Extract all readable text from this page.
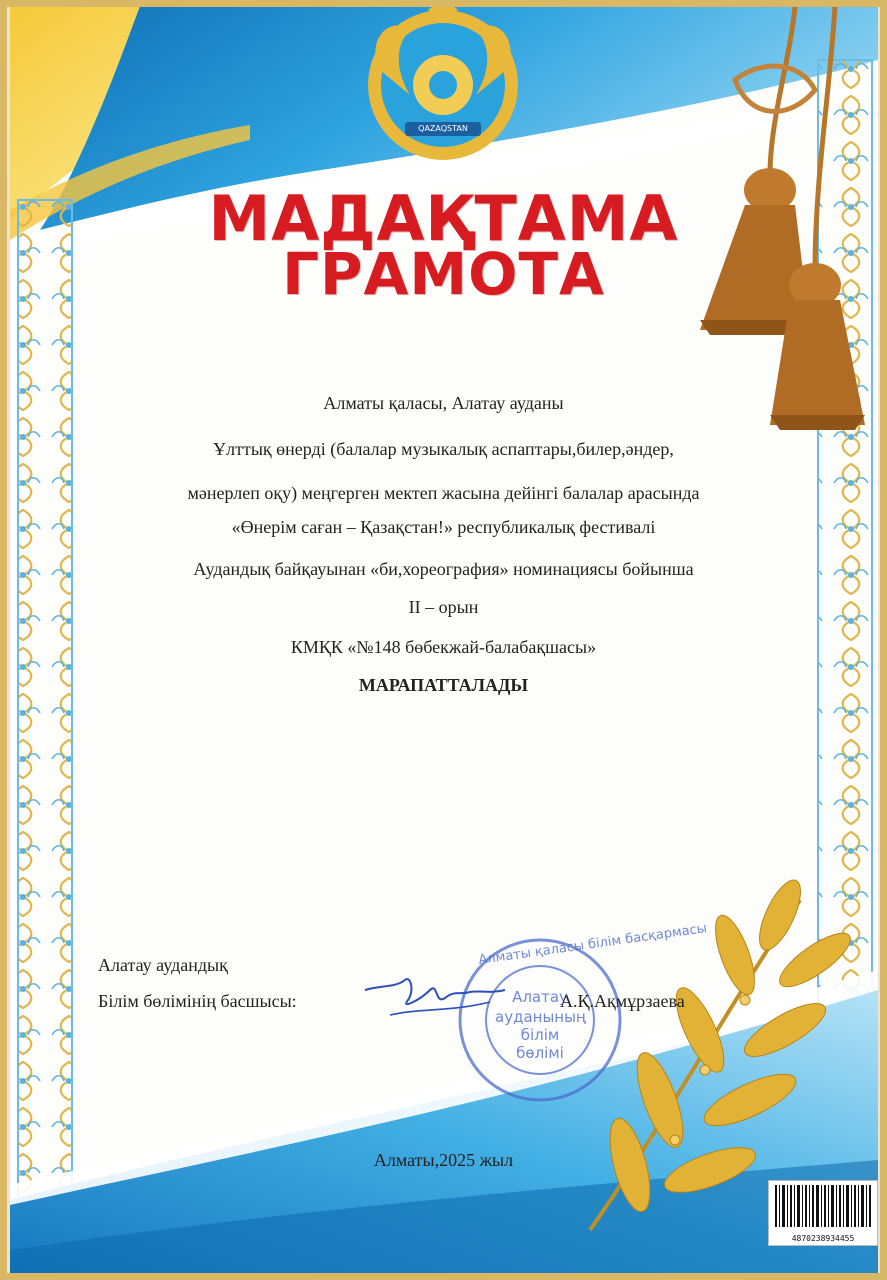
QAZAQSTAN
МАДАҚТАМА
ГРАМОТА
Алматы қаласы, Алатау ауданы
Ұлттық өнерді (балалар музыкалық аспаптары,билер,әндер,
мәнерлеп оқу) меңгерген мектеп жасына дейінгі балалар арасында
«Өнерім саған – Қазақстан!» республикалық фестивалі
Аудандық байқауынан «би,хореография» номинациясы бойынша
II – орын
КМҚК «№148 бөбекжай-балабақшасы»
МАРАПАТТАЛАДЫ
Алатау аудандық
Білім бөлімінің басшысы:
Алматы қаласы білім басқармасы
Алатау
ауданының
білім
бөлімі
А.Қ.Ақмұрзаева
Алматы,2025 жыл
4870238934455
